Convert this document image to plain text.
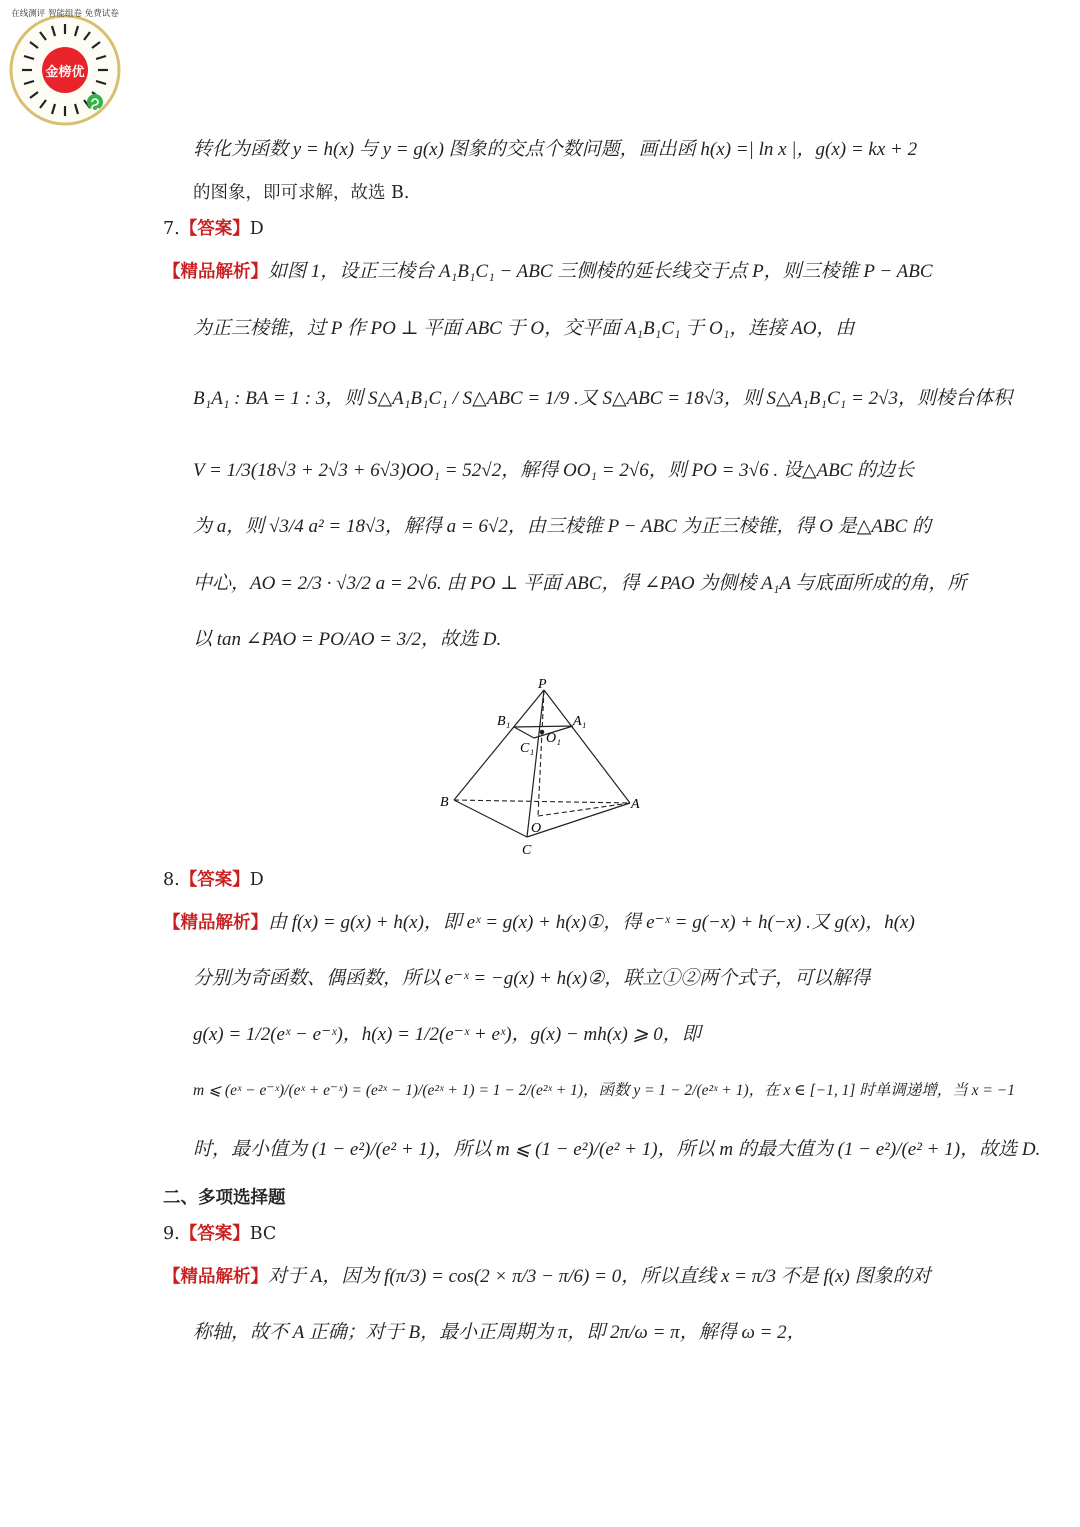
金榜优
在线测评 智能组卷 免费试卷
转化为函数 y = h(x) 与 y = g(x) 图象的交点个数问题，画出函 h(x) =| ln x |，g(x) = kx + 2
的图象，即可求解，故选 B.
7.【答案】D
【精品解析】如图 1，设正三棱台 A₁B₁C₁ − ABC 三侧棱的延长线交于点 P，则三棱锥 P − ABC
为正三棱锥，过 P 作 PO ⊥ 平面 ABC 于 O，交平面 A₁B₁C₁ 于 O₁，连接 AO，由
B₁A₁ : BA = 1 : 3，则 S△A₁B₁C₁ / S△ABC = 1/9 .又 S△ABC = 18√3，则 S△A₁B₁C₁ = 2√3，则棱台体积
V = 1/3(18√3 + 2√3 + 6√3)OO₁ = 52√2，解得 OO₁ = 2√6，则 PO = 3√6 . 设△ABC 的边长
为 a，则 √3/4 a² = 18√3，解得 a = 6√2，由三棱锥 P − ABC 为正三棱锥，得 O 是△ABC 的
中心，AO = 2/3 · √3/2 a = 2√6. 由 PO ⊥ 平面 ABC，得 ∠PAO 为侧棱 A₁A 与底面所成的角，所
以 tan ∠PAO = PO/AO = 3/2，故选 D.
P
B₁	A₁
C₁
O₁
B	A
O
C
8.【答案】D
【精品解析】由 f(x) = g(x) + h(x)，即 eˣ = g(x) + h(x)①，得 e⁻ˣ = g(−x) + h(−x) .又 g(x)，h(x)
分别为奇函数、偶函数，所以 e⁻ˣ = −g(x) + h(x)②，联立①②两个式子，可以解得
g(x) = 1/2(eˣ − e⁻ˣ)，h(x) = 1/2(e⁻ˣ + eˣ)，g(x) − mh(x) ⩾ 0，即
m ⩽ (eˣ − e⁻ˣ)/(eˣ + e⁻ˣ) = (e²ˣ − 1)/(e²ˣ + 1) = 1 − 2/(e²ˣ + 1)，函数 y = 1 − 2/(e²ˣ + 1)，在 x ∈ [−1, 1] 时单调递增，当 x = −1
时，最小值为 (1 − e²)/(e² + 1)，所以 m ⩽ (1 − e²)/(e² + 1)，所以 m 的最大值为 (1 − e²)/(e² + 1)，故选 D.
二、多项选择题
9.【答案】BC
【精品解析】对于 A，因为 f(π/3) = cos(2 × π/3 − π/6) = 0，所以直线 x = π/3 不是 f(x) 图象的对
称轴，故不 A 正确；对于 B，最小正周期为 π，即 2π/ω = π，解得 ω = 2，
